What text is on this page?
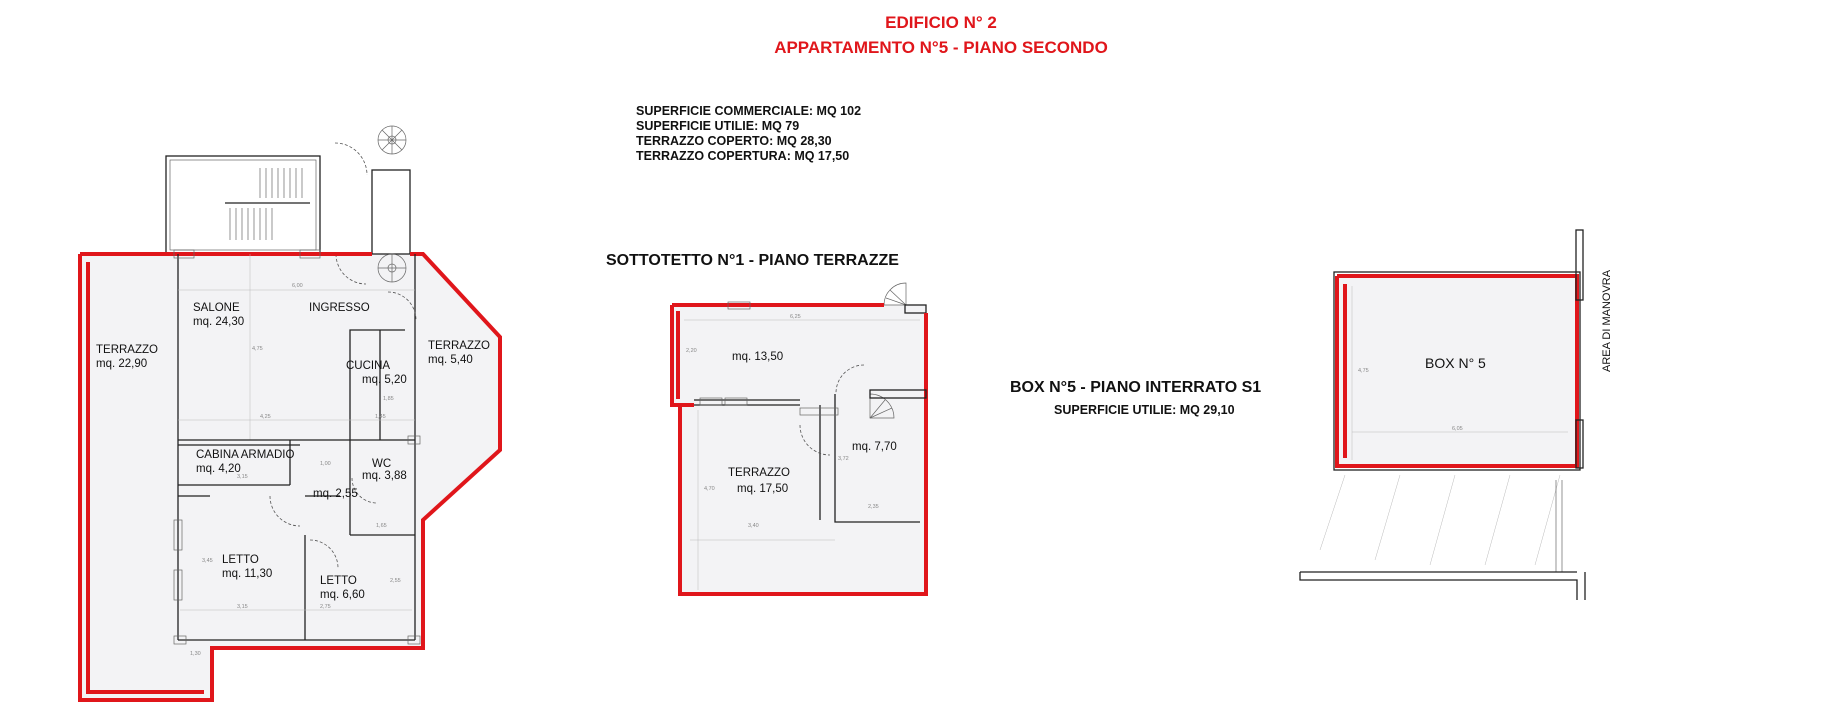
EDIFICIO N° 2
APPARTAMENTO N°5 - PIANO SECONDO
SUPERFICIE COMMERCIALE: MQ 102
SUPERFICIE UTILIE: MQ 79
TERRAZZO COPERTO: MQ 28,30
TERRAZZO COPERTURA: MQ 17,50
TERRAZZO
mq. 22,90
SALONE
mq. 24,30
INGRESSO
CUCINA
mq. 5,20
TERRAZZO
mq. 5,40
CABINA ARMADIO
mq. 4,20	WC
mq. 3,88
mq. 2,55
LETTO
mq. 11,30
LETTO
mq. 6,60
6,00
4,75
4,25	1,45
3,15
1,00
1,65
3,45
3,15	2,75
1,30
2,55
1,85
SOTTOTETTO N°1 - PIANO TERRAZZE
mq. 13,50
TERRAZZO
mq. 17,50
mq. 7,70
6,25
2,20
3,72
4,70
3,40
2,35
BOX N°5 - PIANO INTERRATO S1
SUPERFICIE UTILIE: MQ 29,10
BOX N° 5	AREA DI MANOVRA
4,75
6,05
